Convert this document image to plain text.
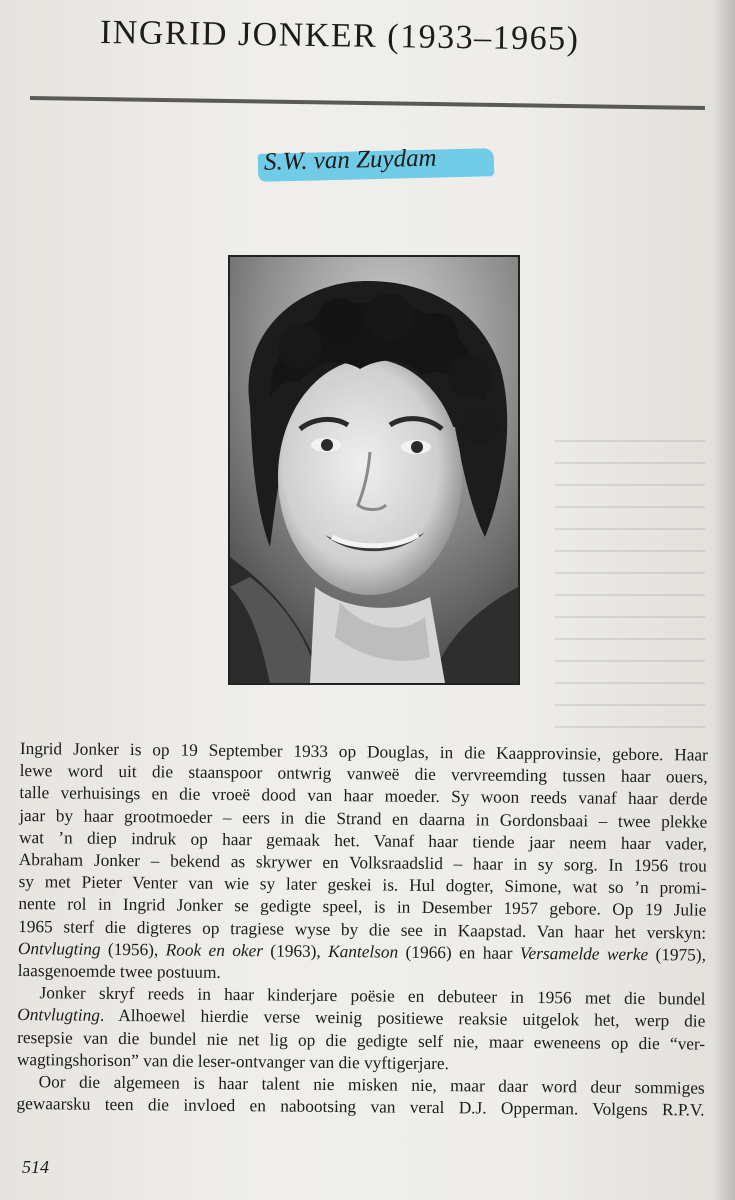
INGRID JONKER (1933–1965)
S.W. van Zuydam
Ingrid Jonker is op 19 September 1933 op Douglas, in die Kaapprovinsie, gebore. Haar
lewe word uit die staanspoor ontwrig vanweë die vervreemding tussen haar ouers,
talle verhuisings en die vroeë dood van haar moeder. Sy woon reeds vanaf haar derde
jaar by haar grootmoeder – eers in die Strand en daarna in Gordonsbaai – twee plekke
wat ’n diep indruk op haar gemaak het. Vanaf haar tiende jaar neem haar vader,
Abraham Jonker – bekend as skrywer en Volksraadslid – haar in sy sorg. In 1956 trou
sy met Pieter Venter van wie sy later geskei is. Hul dogter, Simone, wat so ’n promi-
nente rol in Ingrid Jonker se gedigte speel, is in Desember 1957 gebore. Op 19 Julie
1965 sterf die digteres op tragiese wyse by die see in Kaapstad. Van haar het verskyn:
Ontvlugting (1956), Rook en oker (1963), Kantelson (1966) en haar Versamelde werke (1975),
laasgenoemde twee postuum.
Jonker skryf reeds in haar kinderjare poësie en debuteer in 1956 met die bundel
Ontvlugting. Alhoewel hierdie verse weinig positiewe reaksie uitgelok het, werp die
resepsie van die bundel nie net lig op die gedigte self nie, maar eweneens op die “ver-
wagtingshorison” van die leser-ontvanger van die vyftigerjare.
Oor die algemeen is haar talent nie misken nie, maar daar word deur sommiges
gewaarsku teen die invloed en nabootsing van veral D.J. Opperman. Volgens R.P.V.
514
